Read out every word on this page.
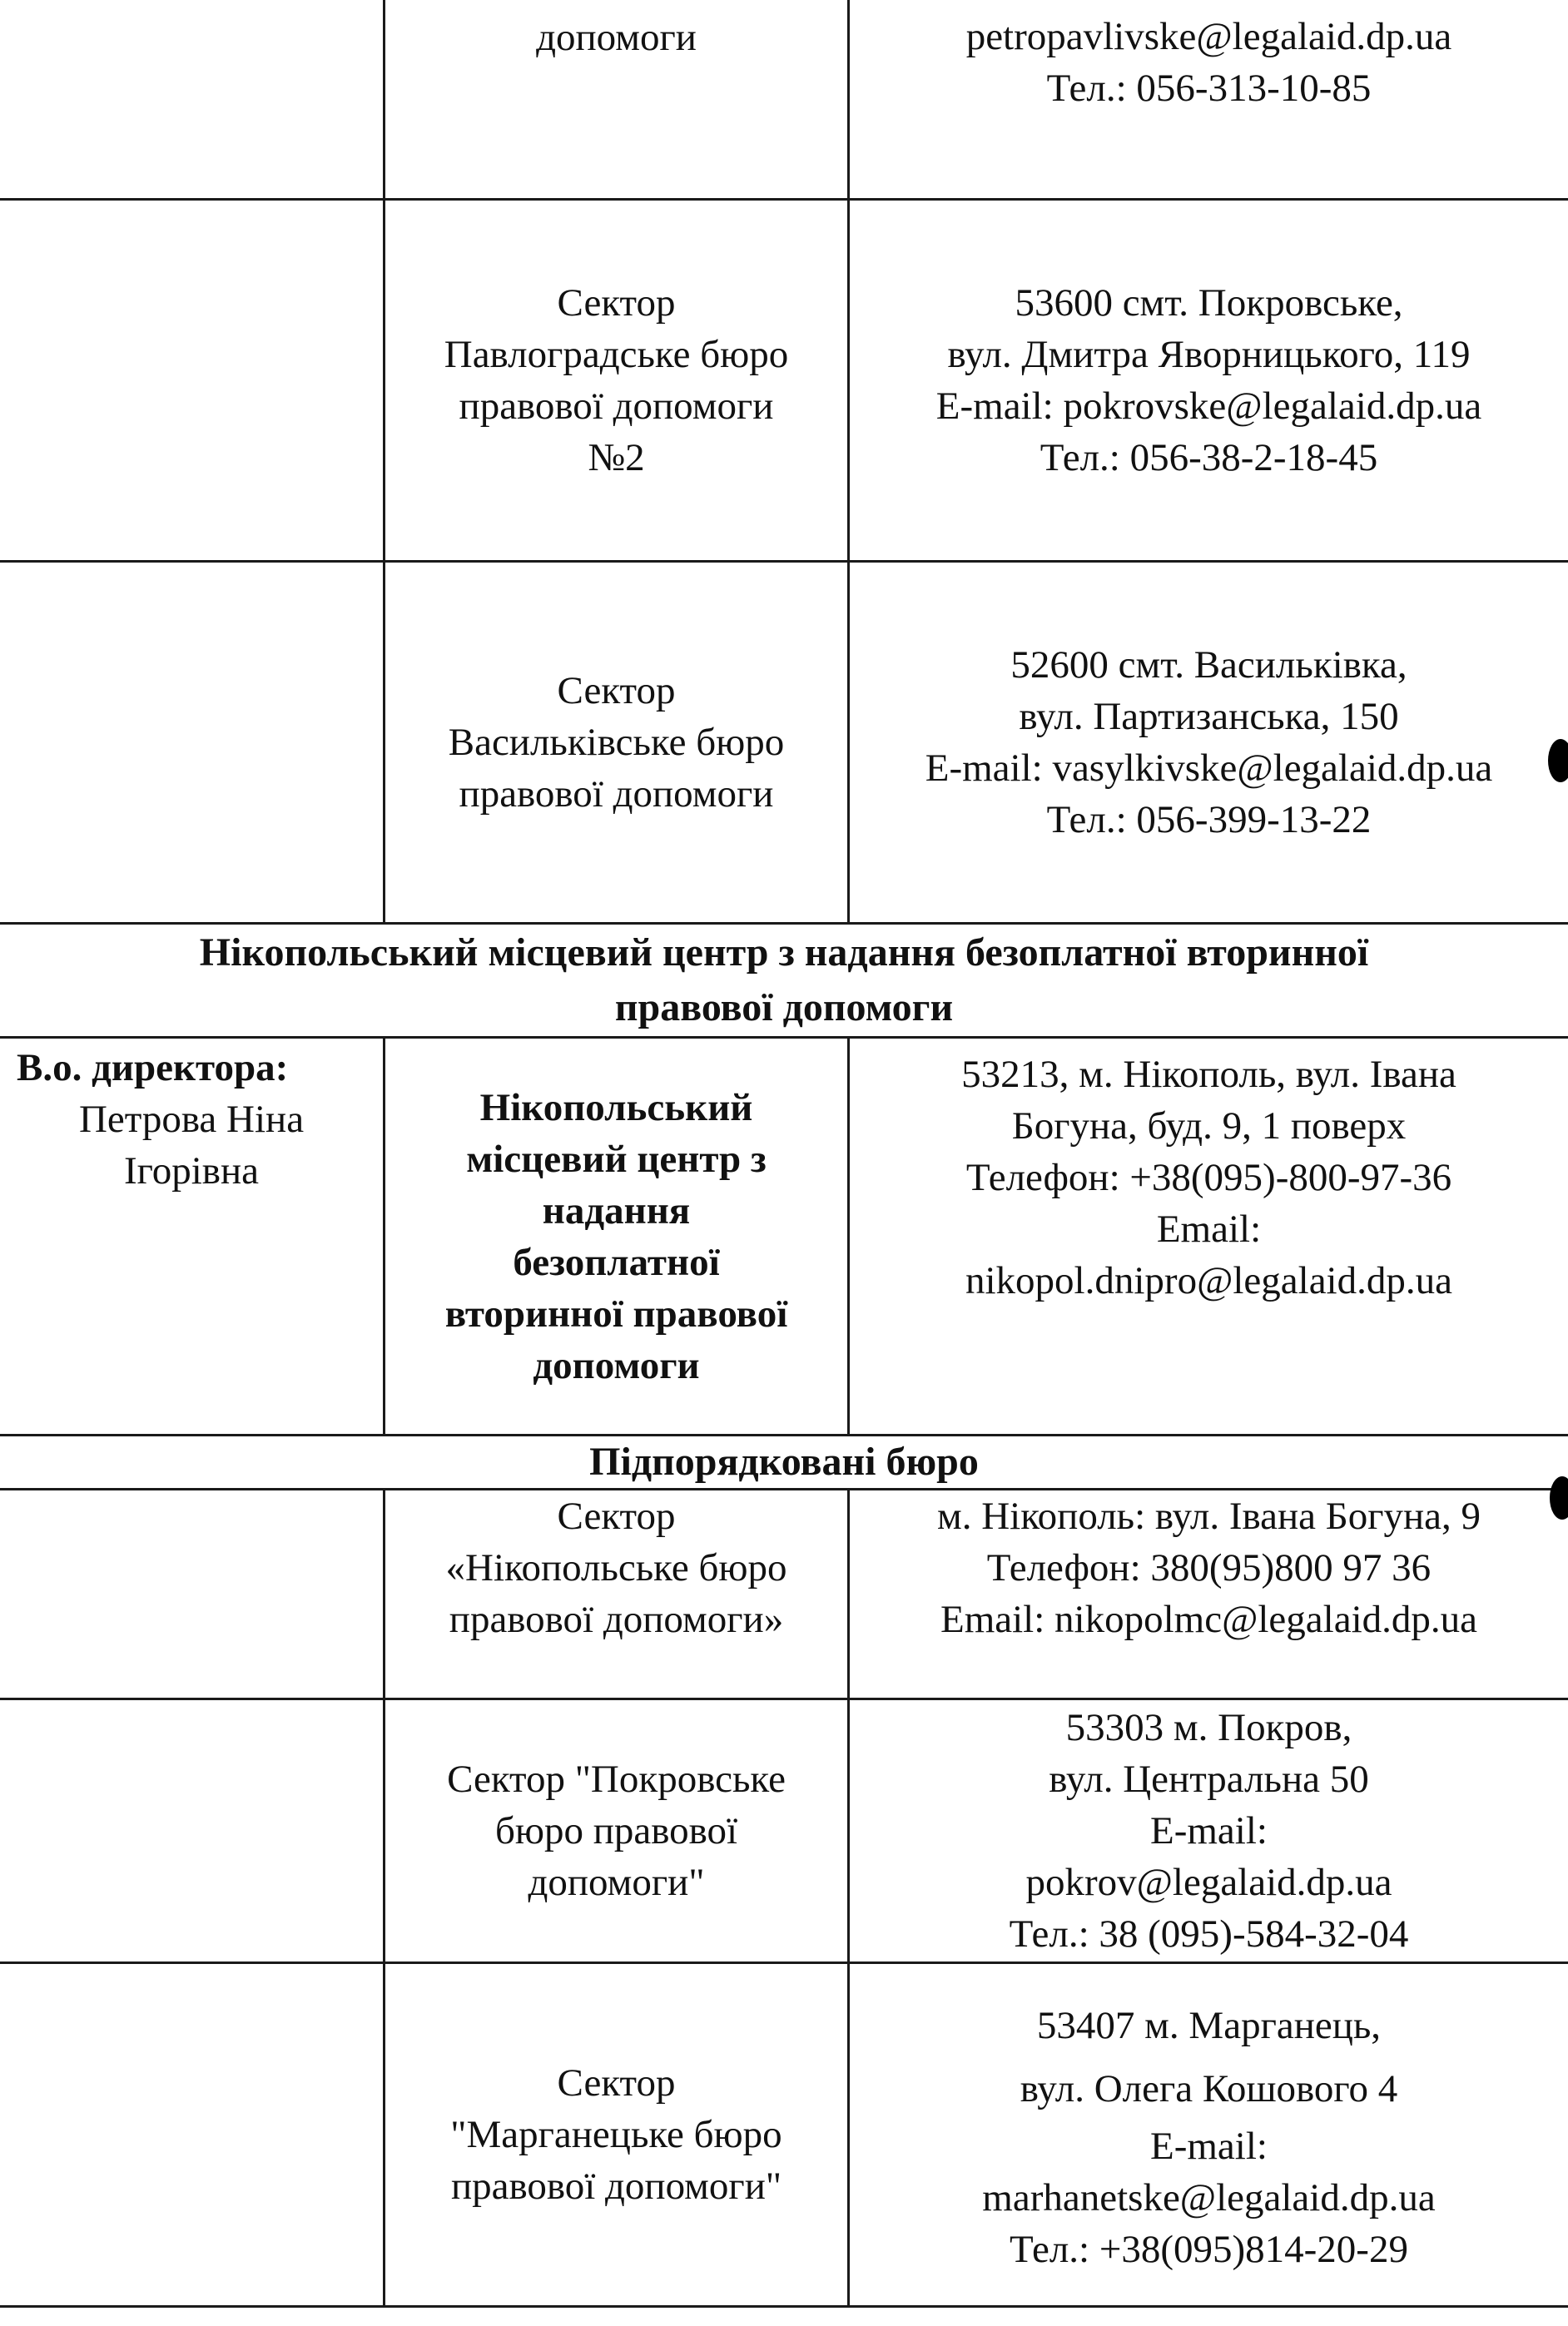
допомоги	petropavlivske@legalaid.dp.ua
Тел.: 056-313-10-85
Сектор
Павлоградське бюро
правової допомоги
№2
53600 смт. Покровське,
вул. Дмитра Яворницького, 119
E-mail: pokrovske@legalaid.dp.ua
Тел.: 056-38-2-18-45
Сектор
Васильківське бюро
правової допомоги
52600 смт. Васильківка,
вул. Партизанська, 150
E-mail: vasylkivske@legalaid.dp.ua
Тел.: 056-399-13-22
Нікопольський місцевий центр з надання безоплатної вторинної
правової допомоги
В.о. директора:
Петрова Ніна
Ігорівна
Нікопольський
місцевий центр з
надання
безоплатної
вторинної правової
допомоги
53213, м. Нікополь, вул. Івана
Богуна, буд. 9, 1 поверх
Телефон: +38(095)-800-97-36
Email:
nikopol.dnipro@legalaid.dp.ua
Підпорядковані бюро
Сектор
«Нікопольське бюро
правової допомоги»
м. Нікополь: вул. Івана Богуна, 9
Телефон: 380(95)800 97 36
Email: nikopolmc@legalaid.dp.ua
Сектор "Покровське
бюро правової
допомоги"
53303 м. Покров,
вул. Центральна 50
E-mail:
pokrov@legalaid.dp.ua
Тел.: 38 (095)-584-32-04
Сектор
"Марганецьке бюро
правової допомоги"
53407 м. Марганець,
вул. Олега Кошового 4
E-mail:
marhanetske@legalaid.dp.ua
Тел.: +38(095)814-20-29
